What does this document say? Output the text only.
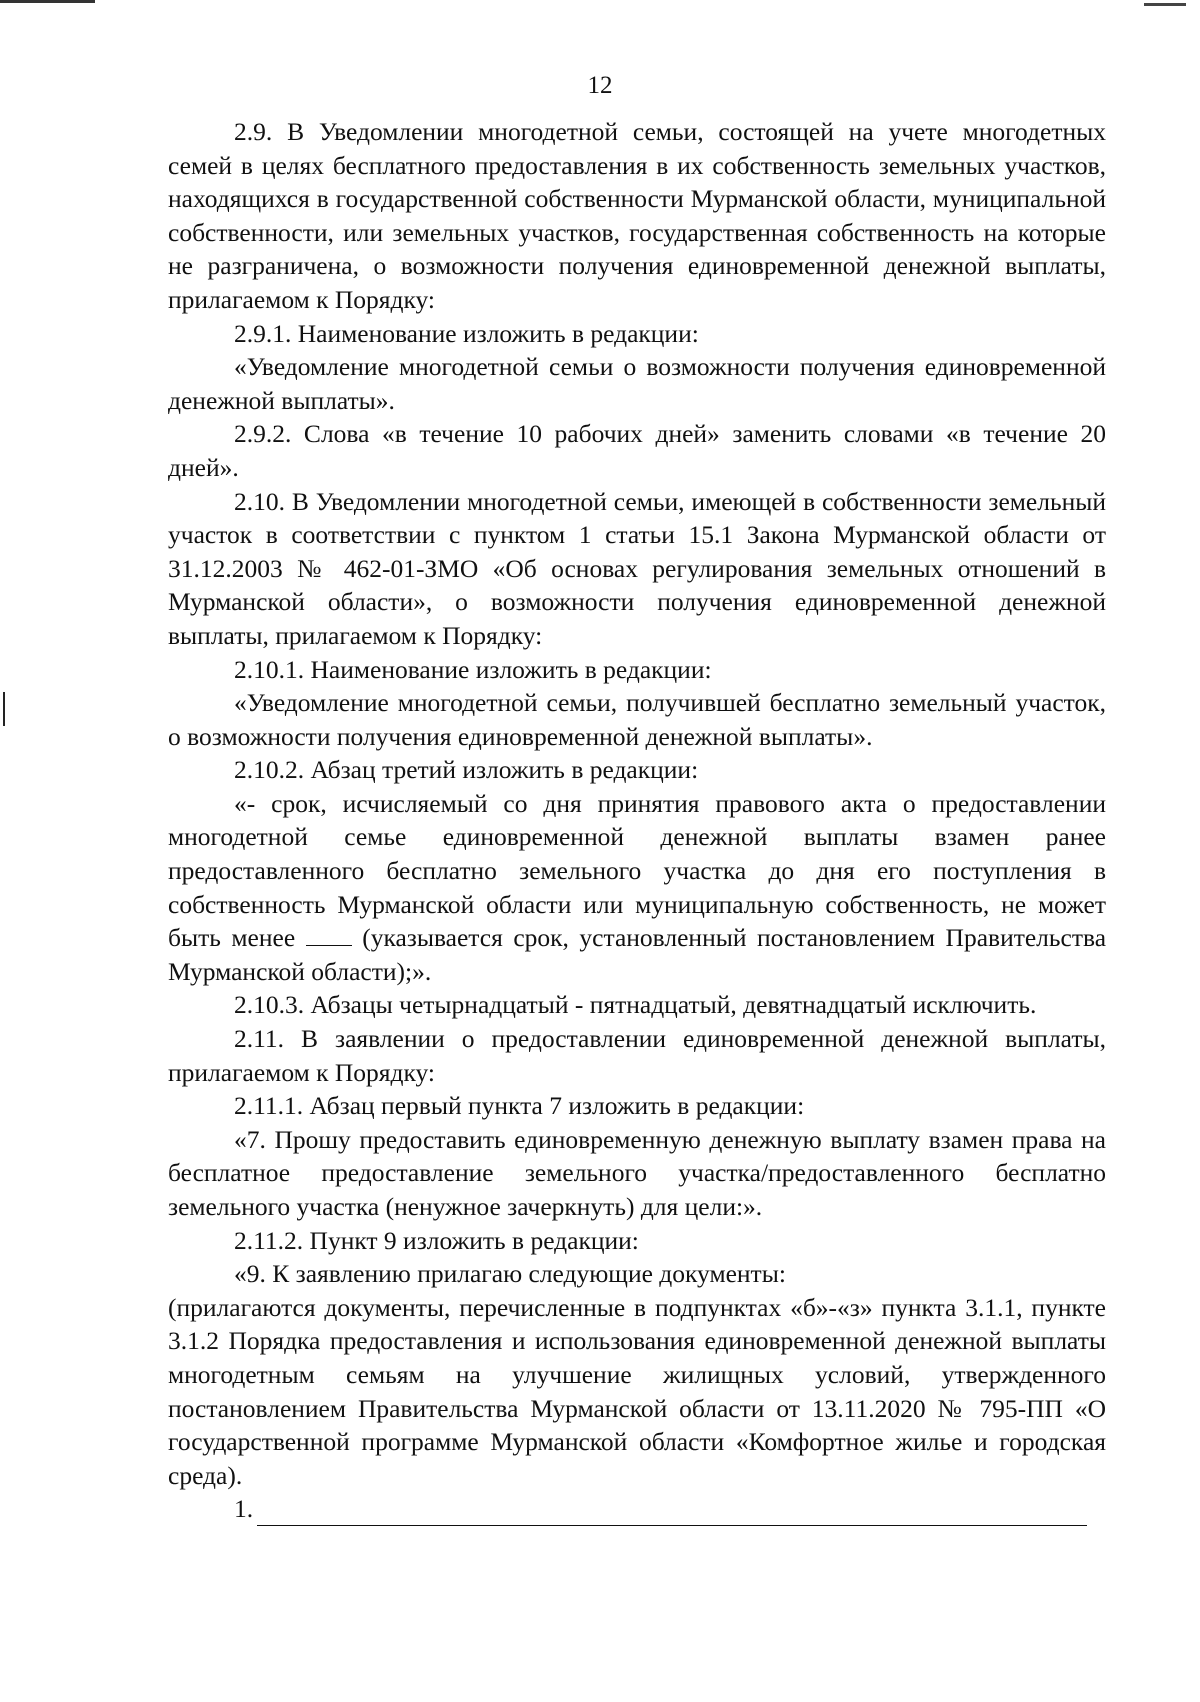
12

2.9. В Уведомлении многодетной семьи, состоящей на учете многодетных семей в целях бесплатного предоставления в их собственность земельных участков, находящихся в государственной собственности Мурманской области, муниципальной собственности, или земельных участков, государственная собственность на которые не разграничена, о возможности получения единовременной денежной выплаты, прилагаемом к Порядку:

2.9.1. Наименование изложить в редакции:

«Уведомление многодетной семьи о возможности получения единовременной денежной выплаты».

2.9.2. Слова «в течение 10 рабочих дней» заменить словами «в течение 20 дней».

2.10. В Уведомлении многодетной семьи, имеющей в собственности земельный участок в соответствии с пунктом 1 статьи 15.1 Закона Мурманской области от 31.12.2003 № 462-01-ЗМО «Об основах регулирования земельных отношений в Мурманской области», о возможности получения единовременной денежной выплаты, прилагаемом к Порядку:

2.10.1. Наименование изложить в редакции:

«Уведомление многодетной семьи, получившей бесплатно земельный участок, о возможности получения единовременной денежной выплаты».

2.10.2. Абзац третий изложить в редакции:

«- срок, исчисляемый со дня принятия правового акта о предоставлении многодетной семье единовременной денежной выплаты взамен ранее предоставленного бесплатно земельного участка до дня его поступления в собственность Мурманской области или муниципальную собственность, не может быть менее	(указывается срок, установленный постановлением Правительства Мурманской области);».

2.10.3. Абзацы четырнадцатый - пятнадцатый, девятнадцатый исключить.

2.11. В заявлении о предоставлении единовременной денежной выплаты, прилагаемом к Порядку:

2.11.1. Абзац первый пункта 7 изложить в редакции:

«7. Прошу предоставить единовременную денежную выплату взамен права на бесплатное предоставление земельного участка/предоставленного бесплатно земельного участка (ненужное зачеркнуть) для цели:».

2.11.2. Пункт 9 изложить в редакции:

«9. К заявлению прилагаю следующие документы:

(прилагаются документы, перечисленные в подпунктах «б»-«з» пункта 3.1.1, пункте 3.1.2 Порядка предоставления и использования единовременной денежной выплаты многодетным семьям на улучшение жилищных условий, утвержденного постановлением Правительства Мурманской области от 13.11.2020 № 795-ПП «О государственной программе Мурманской области «Комфортное жилье и городская среда).

1.
